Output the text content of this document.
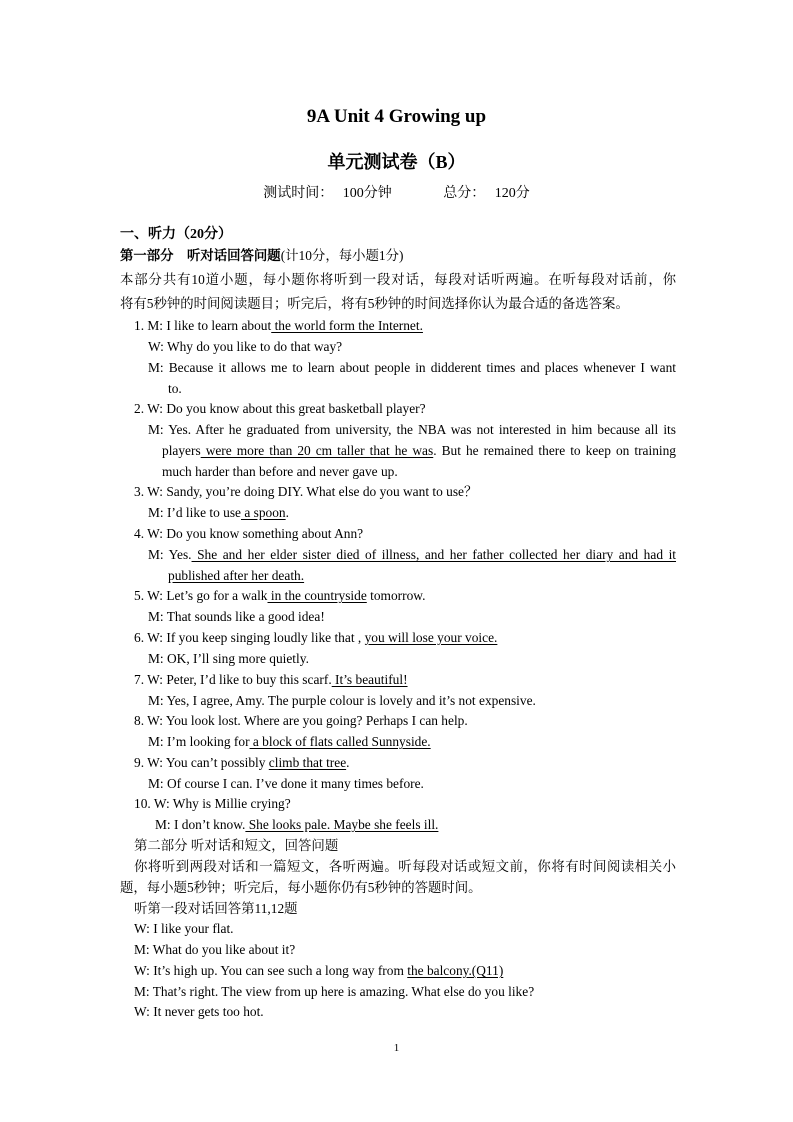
9A Unit 4 Growing up
单元测试卷（B）
测试时间： 100分钟	总分： 120分
一、听力（20分）
第一部分　听对话回答问题(计10分，每小题1分)
本部分共有10道小题，每小题你将听到一段对话，每段对话听两遍。在听每段对话前，你
将有5秒钟的时间阅读题目；听完后，将有5秒钟的时间选择你认为最合适的备选答案。
1. M: I like to learn about the world form the Internet.
W: Why do you like to do that way?
M: Because it allows me to learn about people in didderent times and places whenever I want
to.
2. W: Do you know about this great basketball player?
M: Yes. After he graduated from university, the NBA was not interested in him because all its
players were more than 20 cm taller that he was. But he remained there to keep on training
much harder than before and never gave up.
3. W: Sandy, you’re doing DIY. What else do you want to use？
M: I’d like to use a spoon.
4. W: Do you know something about Ann?
M: Yes. She and her elder sister died of illness, and her father collected her diary and had it
published after her death.
5. W: Let’s go for a walk in the countryside tomorrow.
M: That sounds like a good idea!
6. W: If you keep singing loudly like that , you will lose your voice.
M: OK, I’ll sing more quietly.
7. W: Peter, I’d like to buy this scarf. It’s beautiful!
M: Yes, I agree, Amy. The purple colour is lovely and it’s not expensive.
8. W: You look lost. Where are you going? Perhaps I can help.
M: I’m looking for a block of flats called Sunnyside.
9. W: You can’t possibly climb that tree.
M: Of course I can. I’ve done it many times before.
10. W: Why is Millie crying?
M: I don’t know. She looks pale. Maybe she feels ill.
第二部分 听对话和短文，回答问题
你将听到两段对话和一篇短文，各听两遍。听每段对话或短文前，你将有时间阅读相关小
题，每小题5秒钟；听完后，每小题你仍有5秒钟的答题时间。
听第一段对话回答第11,12题
W: I like your flat.
M: What do you like about it?
W: It’s high up. You can see such a long way from the balcony.(Q11)
M: That’s right. The view from up here is amazing. What else do you like?
W: It never gets too hot.
1
